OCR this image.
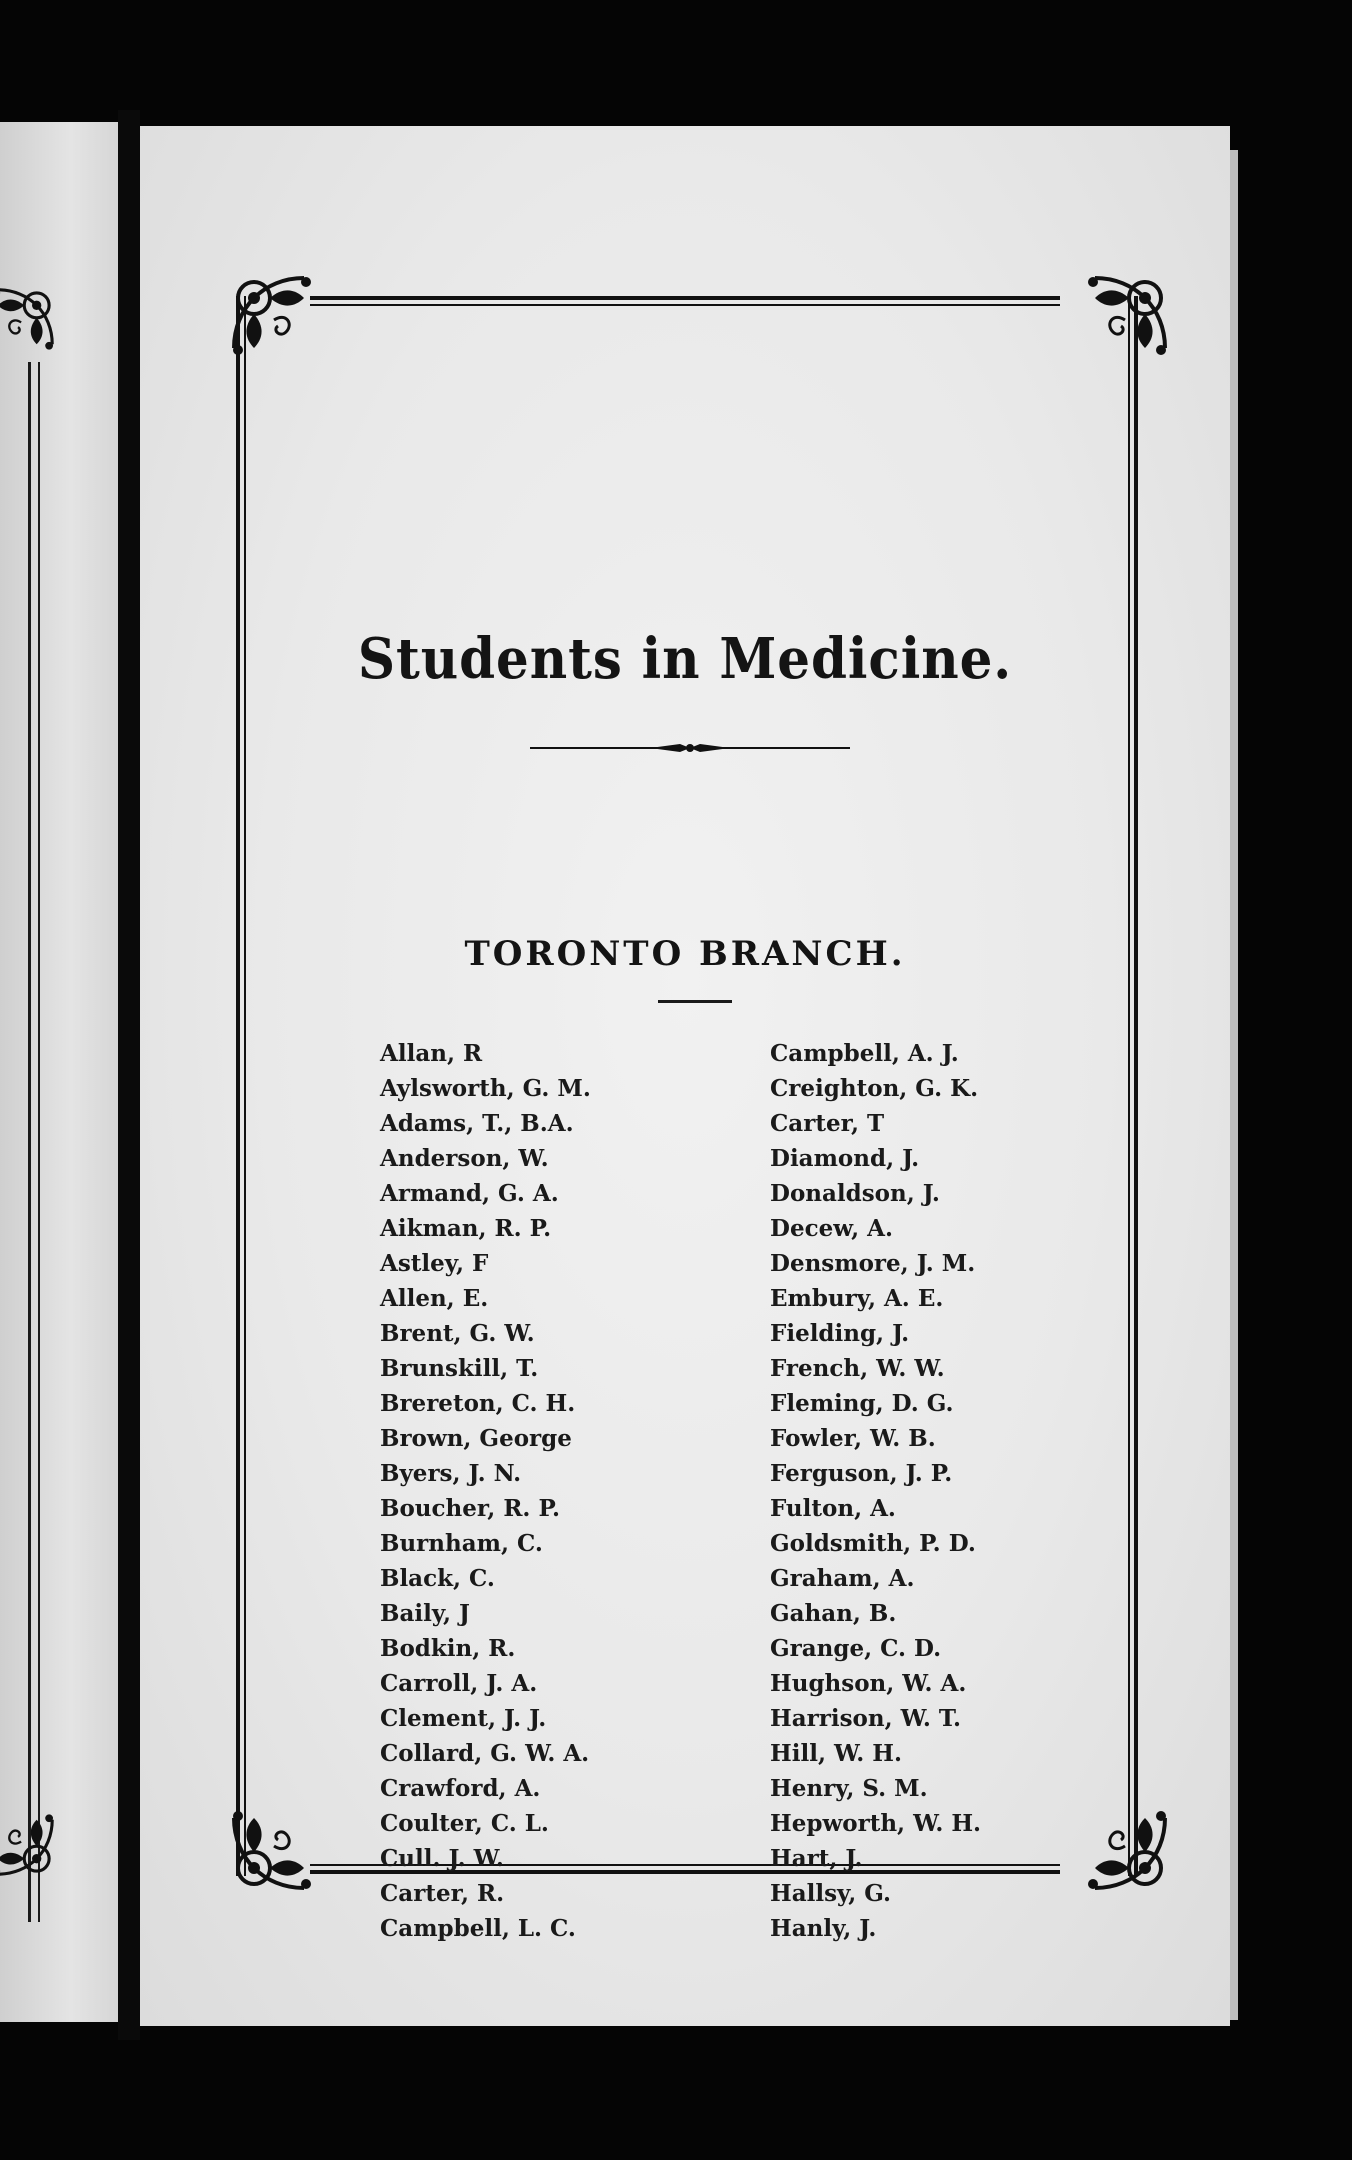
Students in Medicine.
TORONTO BRANCH.
Allan, R
Aylsworth, G. M.
Adams, T., B.A.
Anderson, W.
Armand, G. A.
Aikman, R. P.
Astley, F
Allen, E.
Brent, G. W.
Brunskill, T.
Brereton, C. H.
Brown, George
Byers, J. N.
Boucher, R. P.
Burnham, C.
Black, C.
Baily, J
Bodkin, R.
Carroll, J. A.
Clement, J. J.
Collard, G. W. A.
Crawford, A.
Coulter, C. L.
Cull. J. W.
Carter, R.
Campbell, L. C.
Campbell, A. J.
Creighton, G. K.
Carter, T
Diamond, J.
Donaldson, J.
Decew, A.
Densmore, J. M.
Embury, A. E.
Fielding, J.
French, W. W.
Fleming, D. G.
Fowler, W. B.
Ferguson, J. P.
Fulton, A.
Goldsmith, P. D.
Graham, A.
Gahan, B.
Grange, C. D.
Hughson, W. A.
Harrison, W. T.
Hill, W. H.
Henry, S. M.
Hepworth, W. H.
Hart, J.
Hallsy, G.
Hanly, J.
